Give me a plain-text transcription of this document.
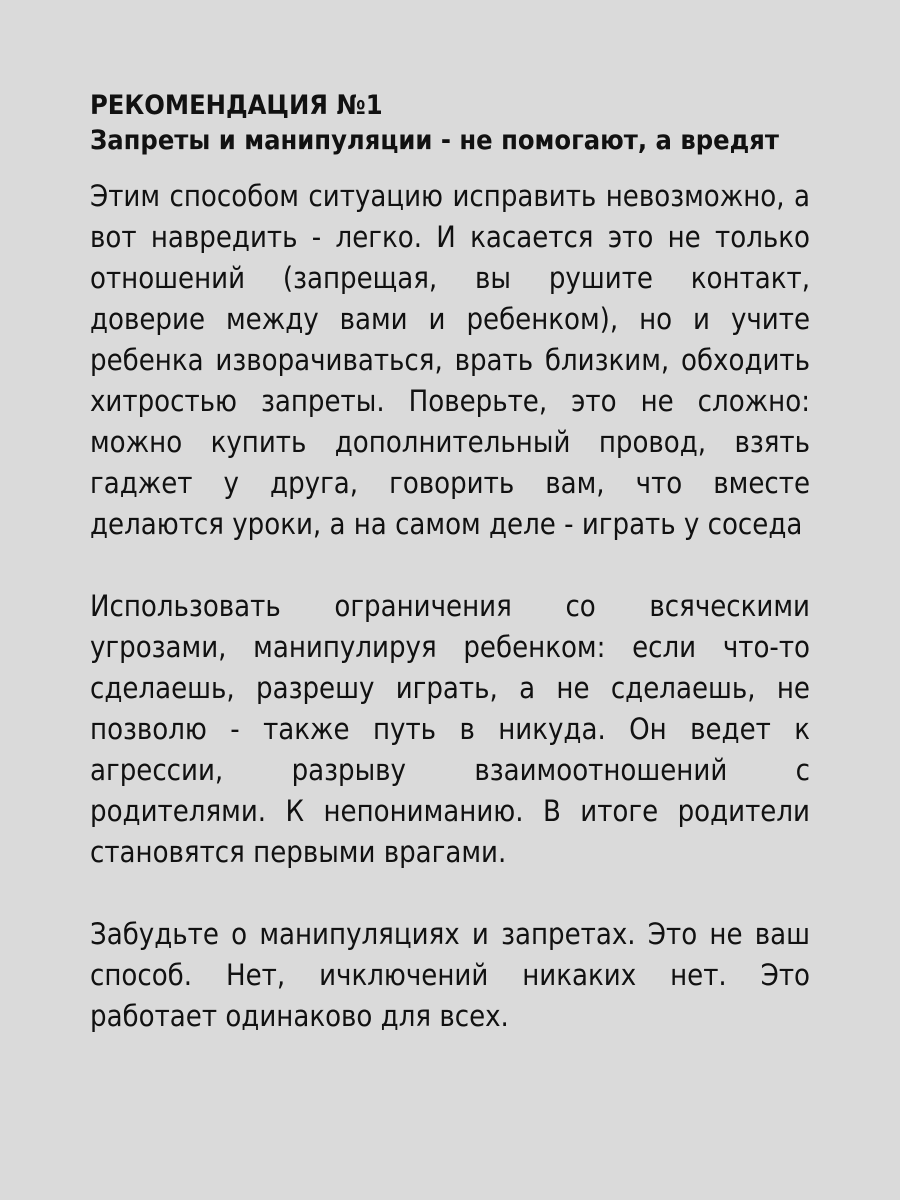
РЕКОМЕНДАЦИЯ №1
Запреты и манипуляции - не помогают, а вредят

Этим способом ситуацию исправить невозможно, а вот навредить - легко. И касается это не только отношений (запрещая, вы рушите контакт, доверие между вами и ребенком), но и учите ребенка изворачиваться, врать близким, обходить хитростью запреты. Поверьте, это не сложно: можно купить дополнительный провод, взять гаджет у друга, говорить вам, что вместе делаются уроки, а на самом деле - играть у соседа

Использовать ограничения со всяческими угрозами, манипулируя ребенком: если что-то сделаешь, разрешу играть, а не сделаешь, не позволю - также путь в никуда. Он ведет к агрессии, разрыву взаимоотношений с родителями. К непониманию. В итоге родители становятся первыми врагами.

Забудьте о манипуляциях и запретах. Это не ваш способ. Нет, ичключений никаких нет. Это работает одинаково для всех.
